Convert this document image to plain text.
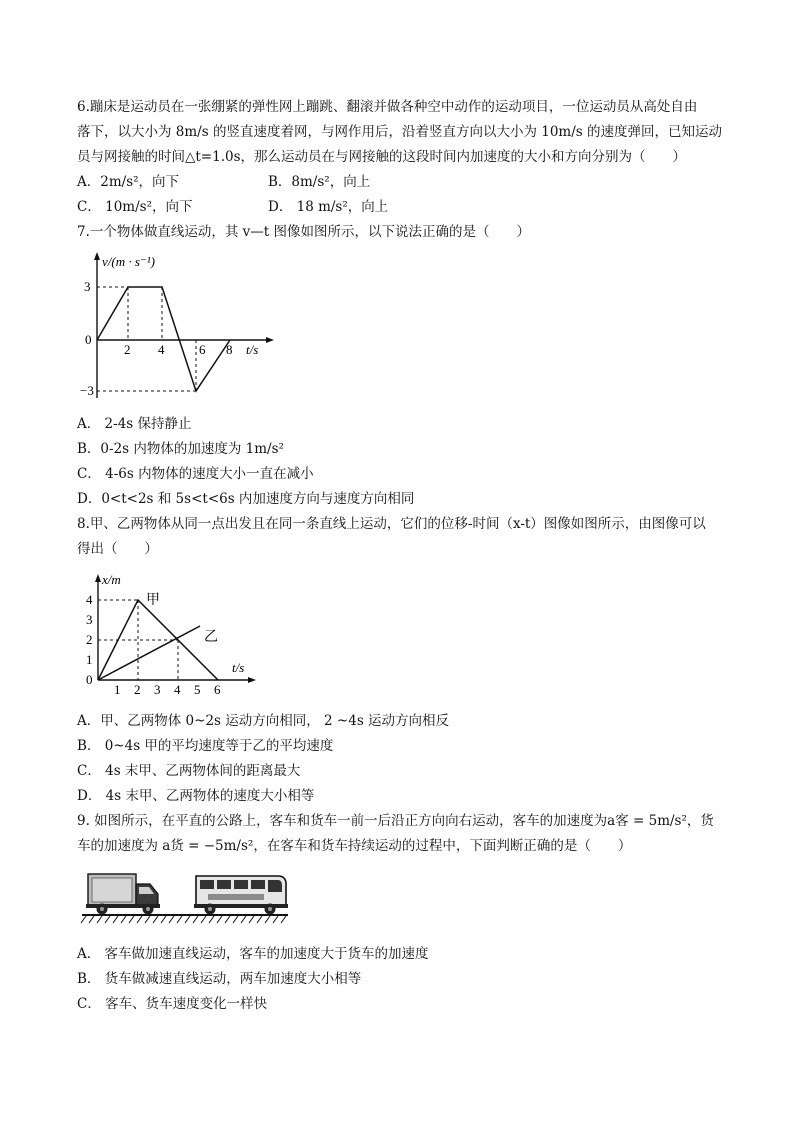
6.蹦床是运动员在一张绷紧的弹性网上蹦跳、翻滚并做各种空中动作的运动项目，一位运动员从高处自由
落下，以大小为 8m/s 的竖直速度着网，与网作用后，沿着竖直方向以大小为 10m/s 的速度弹回，已知运动
员与网接触的时间△t=1.0s，那么运动员在与网接触的这段时间内加速度的大小和方向分别为（　　）
A．2m/s²，向下	B．8m/s²，向上
C． 10m/s²，向下	D． 18 m/s²，向上
7.一个物体做直线运动，其 v—t 图像如图所示，以下说法正确的是（　　）
v/(m · s⁻¹)
3
−3
0
2 4	6 8 t/s
A． 2-4s 保持静止
B．0-2s 内物体的加速度为 1m/s²
C． 4-6s 内物体的速度大小一直在减小
D．0<t<2s 和 5s<t<6s 内加速度方向与速度方向相同
8.甲、乙两物体从同一点出发且在同一条直线上运动，它们的位移-时间（x-t）图像如图所示，由图像可以
得出（　　）
x/m
4
3
2
1
0
1 2 3 4 5 6
t/s
甲
乙
A．甲、乙两物体 0~2s 运动方向相同， 2 ~4s 运动方向相反
B． 0~4s 甲的平均速度等于乙的平均速度
C． 4s 末甲、乙两物体间的距离最大
D． 4s 末甲、乙两物体的速度大小相等
9. 如图所示，在平直的公路上，客车和货车一前一后沿正方向向右运动，客车的加速度为a客 = 5m/s²，货
车的加速度为 a货 = −5m/s²，在客车和货车持续运动的过程中，下面判断正确的是（　　）
A． 客车做加速直线运动，客车的加速度大于货车的加速度
B． 货车做减速直线运动，两车加速度大小相等
C． 客车、货车速度变化一样快
